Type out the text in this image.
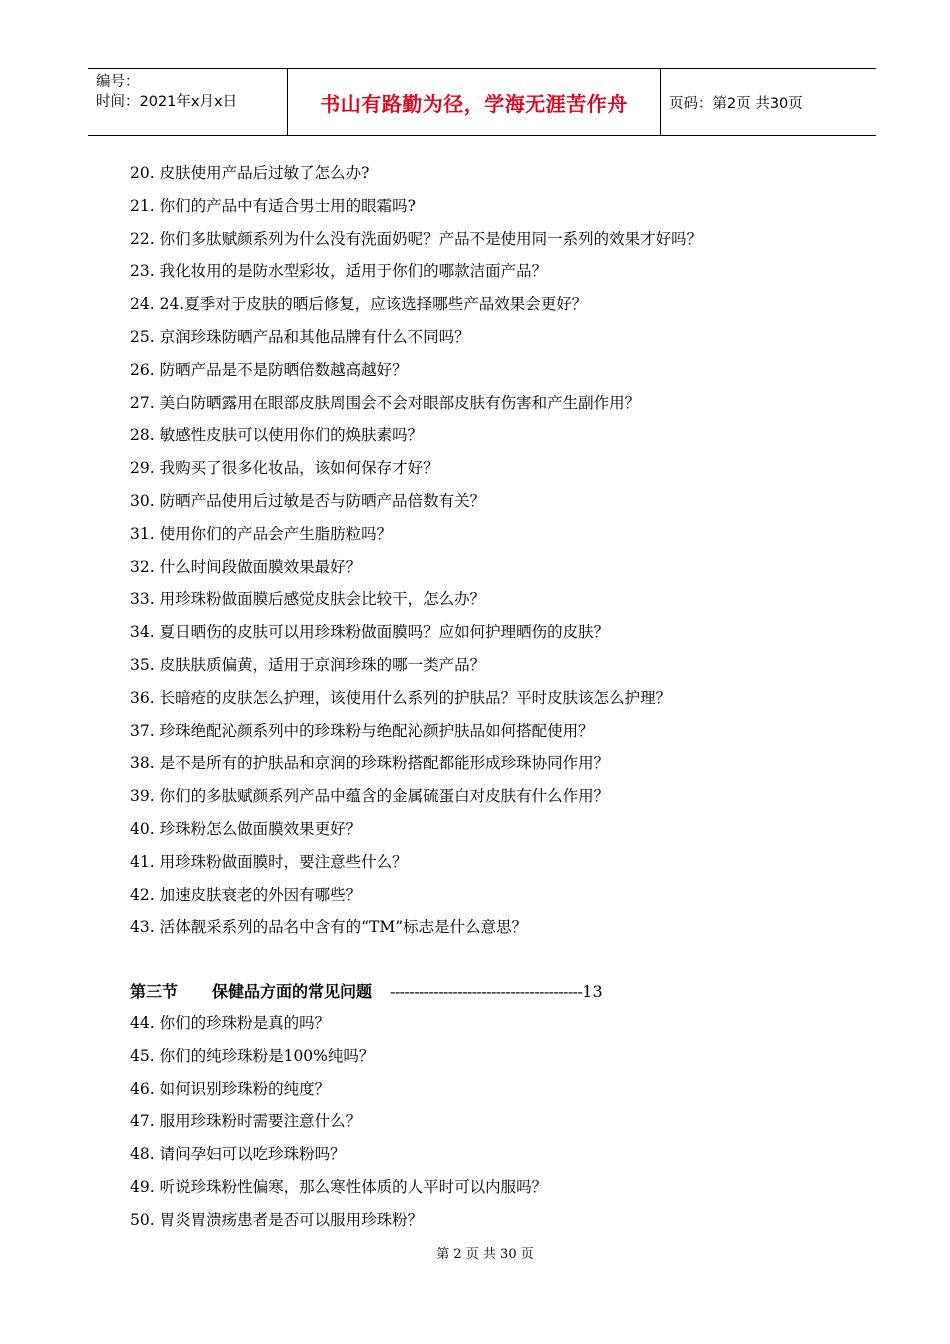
编号：
时间：2021年x月x日	书山有路勤为径，学海无涯苦作舟	页码：第2页 共30页
20. 皮肤使用产品后过敏了怎么办?
21. 你们的产品中有适合男士用的眼霜吗?
22. 你们多肽赋颜系列为什么没有洗面奶呢？产品不是使用同一系列的效果才好吗？
23. 我化妆用的是防水型彩妆，适用于你们的哪款洁面产品？
24. 24.夏季对于皮肤的晒后修复，应该选择哪些产品效果会更好？
25. 京润珍珠防晒产品和其他品牌有什么不同吗？
26. 防晒产品是不是防晒倍数越高越好？
27. 美白防晒露用在眼部皮肤周围会不会对眼部皮肤有伤害和产生副作用？
28. 敏感性皮肤可以使用你们的焕肤素吗？
29. 我购买了很多化妆品，该如何保存才好？
30. 防晒产品使用后过敏是否与防晒产品倍数有关？
31. 使用你们的产品会产生脂肪粒吗？
32. 什么时间段做面膜效果最好？
33. 用珍珠粉做面膜后感觉皮肤会比较干，怎么办？
34. 夏日晒伤的皮肤可以用珍珠粉做面膜吗？应如何护理晒伤的皮肤？
35. 皮肤肤质偏黄，适用于京润珍珠的哪一类产品？
36. 长暗疮的皮肤怎么护理，该使用什么系列的护肤品？平时皮肤该怎么护理？
37. 珍珠绝配沁颜系列中的珍珠粉与绝配沁颜护肤品如何搭配使用？
38. 是不是所有的护肤品和京润的珍珠粉搭配都能形成珍珠协同作用？
39. 你们的多肽赋颜系列产品中蕴含的金属硫蛋白对皮肤有什么作用？
40. 珍珠粉怎么做面膜效果更好？
41. 用珍珠粉做面膜时，要注意些什么？
42. 加速皮肤衰老的外因有哪些？
43. 活体靓采系列的品名中含有的“TM”标志是什么意思？
第三节 保健品方面的常见问题 ----------------------------------------13
44. 你们的珍珠粉是真的吗？
45. 你们的纯珍珠粉是100%纯吗？
46. 如何识别珍珠粉的纯度？
47. 服用珍珠粉时需要注意什么？
48. 请问孕妇可以吃珍珠粉吗？
49. 听说珍珠粉性偏寒，那么寒性体质的人平时可以内服吗？
50. 胃炎胃溃疡患者是否可以服用珍珠粉？
第 2 页 共 30 页
